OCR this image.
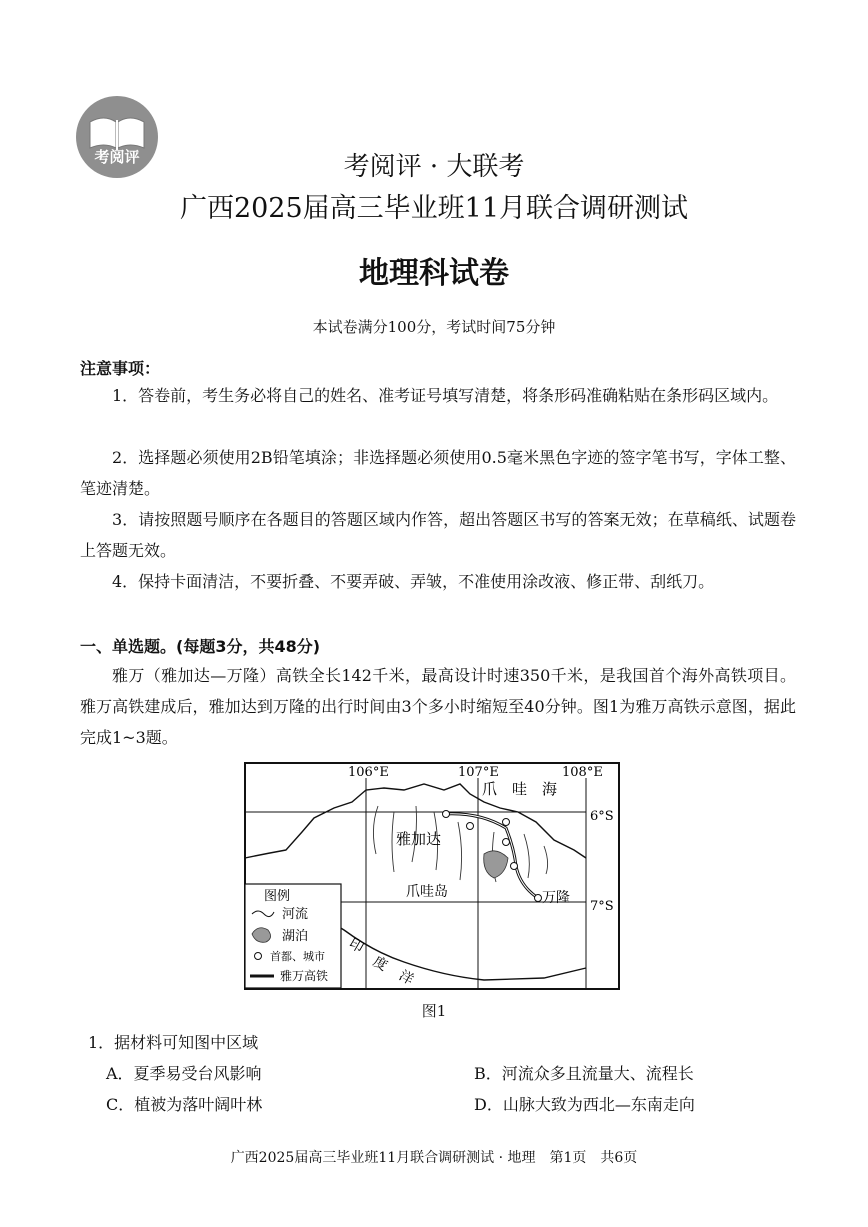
考阅评	考阅评 · 大联考
广西2025届高三毕业班11月联合调研测试
地理科试卷
本试卷满分100分，考试时间75分钟
注意事项：
1．答卷前，考生务必将自己的姓名、准考证号填写清楚，将条形码准确粘贴在条形码区域内。
2．选择题必须使用2B铅笔填涂；非选择题必须使用0.5毫米黑色字迹的签字笔书写，字体工整、笔迹清楚。
3．请按照题号顺序在各题目的答题区域内作答，超出答题区书写的答案无效；在草稿纸、试题卷上答题无效。
4．保持卡面清洁，不要折叠、不要弄破、弄皱，不准使用涂改液、修正带、刮纸刀。
一、单选题。(每题3分，共48分)
雅万（雅加达—万隆）高铁全长142千米，最高设计时速350千米，是我国首个海外高铁项目。雅万高铁建成后，雅加达到万隆的出行时间由3个多小时缩短至40分钟。图1为雅万高铁示意图，据此完成1~3题。
106°E	107°E	108°E
6°S
7°S
爪　哇　海
雅加达
爪哇岛	万隆
印
度
洋
图例
河流
湖泊
首都、城市
雅万高铁
图1
1．据材料可知图中区域
A．夏季易受台风影响	B．河流众多且流量大、流程长
C．植被为落叶阔叶林	D．山脉大致为西北—东南走向
广西2025届高三毕业班11月联合调研测试 · 地理　第1页　共6页
